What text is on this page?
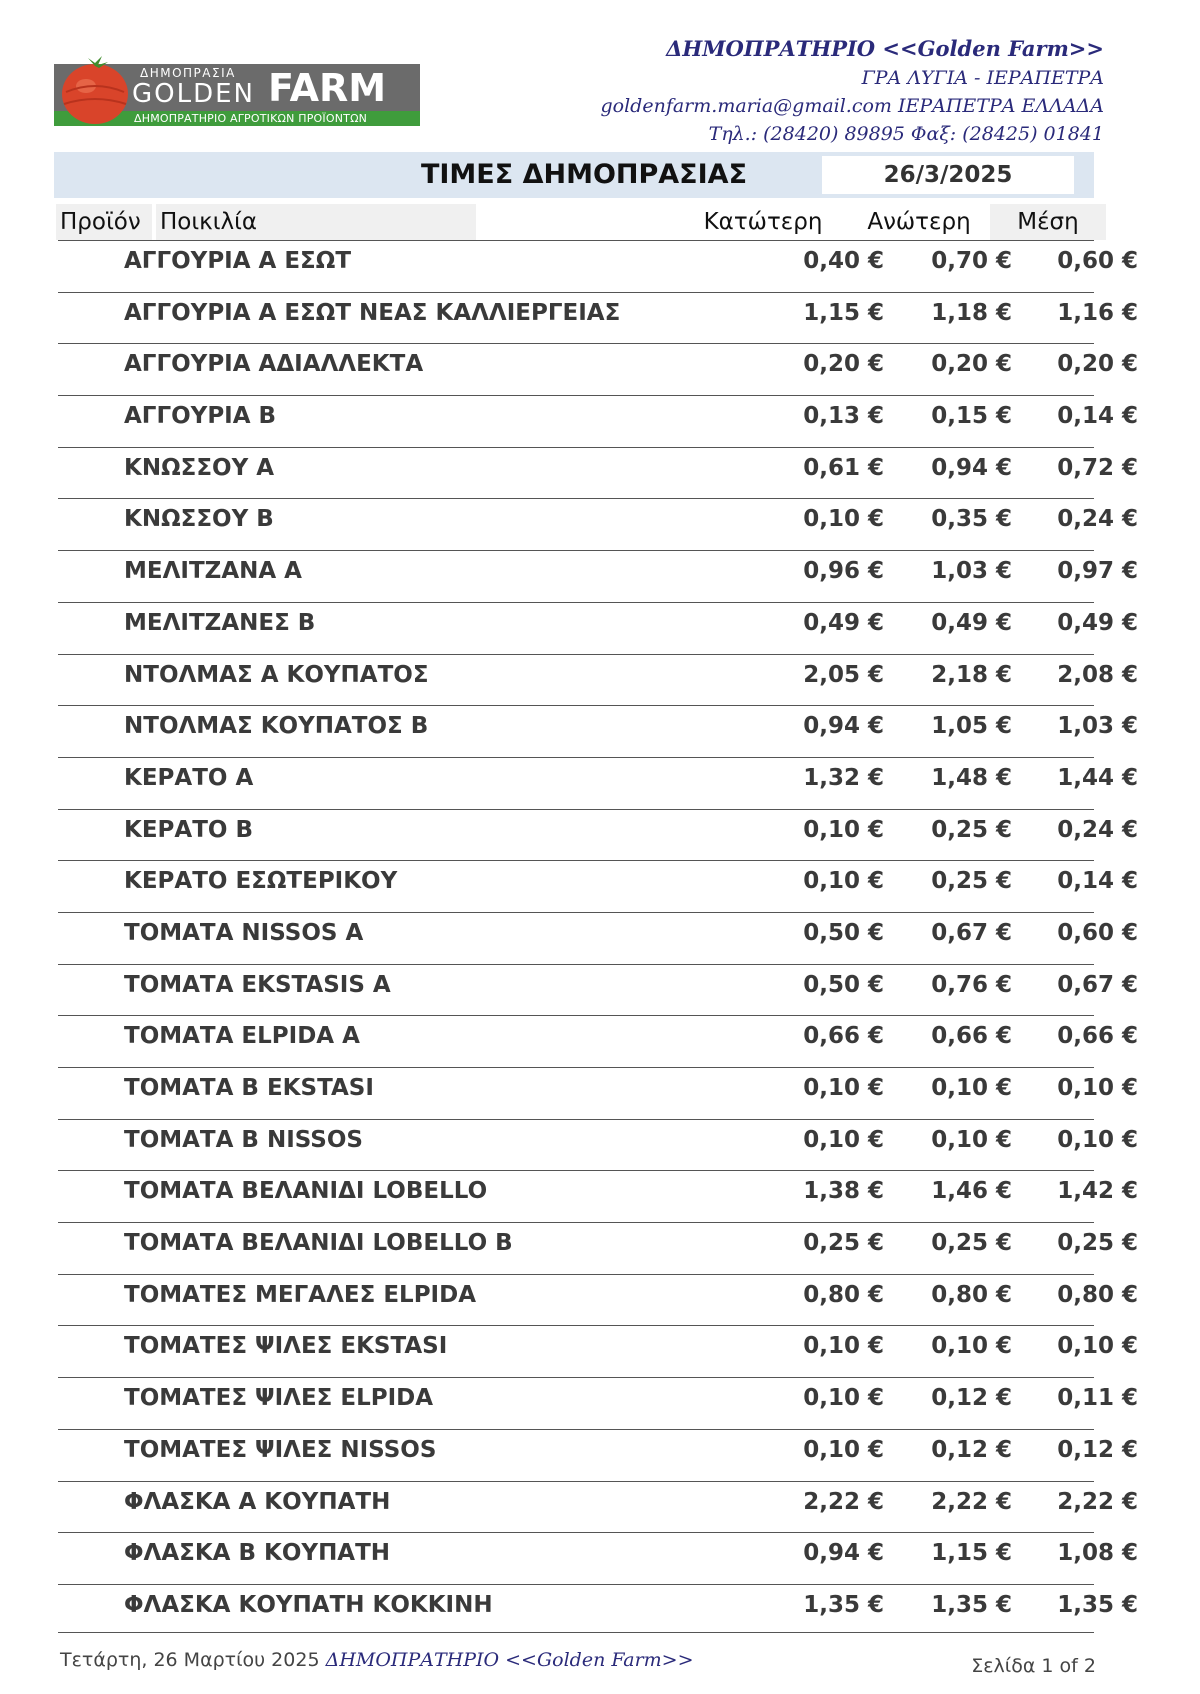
ΔΗΜΟΠΡΑΤΗΡΙΟ ΑΓΡΟΤΙΚΩΝ ΠΡΟΪΟΝΤΩΝ
ΔΗΜΟΠΡΑΣΙΑ
GOLDEN FARM
ΔΗΜΟΠΡΑΤΗΡΙΟ <<Golden Farm>>
ΓΡΑ ΛΥΓΙΑ - ΙΕΡΑΠΕΤΡΑ
goldenfarm.maria@gmail.com ΙΕΡΑΠΕΤΡΑ ΕΛΛΑΔΑ
Τηλ.: (28420) 89895 Φαξ: (28425) 01841
ΤΙΜΕΣ ΔΗΜΟΠΡΑΣΙΑΣ	26/3/2025
Προϊόν Ποικιλία	Κατώτερη	Ανώτερη	Μέση
ΑΓΓΟΥΡΙΑ Α ΕΣΩΤ	0,40 €	0,70 €	0,60 €
ΑΓΓΟΥΡΙΑ Α ΕΣΩΤ ΝΕΑΣ ΚΑΛΛΙΕΡΓΕΙΑΣ	1,15 €	1,18 €	1,16 €
ΑΓΓΟΥΡΙΑ ΑΔΙΑΛΛΕΚΤΑ	0,20 €	0,20 €	0,20 €
ΑΓΓΟΥΡΙΑ Β	0,13 €	0,15 €	0,14 €
ΚΝΩΣΣΟΥ Α	0,61 €	0,94 €	0,72 €
ΚΝΩΣΣΟΥ Β	0,10 €	0,35 €	0,24 €
ΜΕΛΙΤΖΑΝΑ Α	0,96 €	1,03 €	0,97 €
ΜΕΛΙΤΖΑΝΕΣ Β	0,49 €	0,49 €	0,49 €
ΝΤΟΛΜΑΣ Α ΚΟΥΠΑΤΟΣ	2,05 €	2,18 €	2,08 €
ΝΤΟΛΜΑΣ ΚΟΥΠΑΤΟΣ Β	0,94 €	1,05 €	1,03 €
ΚΕΡΑΤΟ Α	1,32 €	1,48 €	1,44 €
ΚΕΡΑΤΟ Β	0,10 €	0,25 €	0,24 €
ΚΕΡΑΤΟ ΕΣΩΤΕΡΙΚΟΥ	0,10 €	0,25 €	0,14 €
ΤΟΜΑΤΑ NISSOS Α	0,50 €	0,67 €	0,60 €
ΤΟΜΑΤΑ EKSTASIS Α	0,50 €	0,76 €	0,67 €
ΤΟΜΑΤΑ ELPIDA Α	0,66 €	0,66 €	0,66 €
ΤΟΜΑΤΑ Β EKSTASI	0,10 €	0,10 €	0,10 €
ΤΟΜΑΤΑ Β NISSOS	0,10 €	0,10 €	0,10 €
ΤΟΜΑΤΑ ΒΕΛΑΝΙΔΙ LOBELLO	1,38 €	1,46 €	1,42 €
ΤΟΜΑΤΑ ΒΕΛΑΝΙΔΙ LOBELLO Β	0,25 €	0,25 €	0,25 €
ΤΟΜΑΤΕΣ ΜΕΓΑΛΕΣ ELPIDA	0,80 €	0,80 €	0,80 €
ΤΟΜΑΤΕΣ ΨΙΛΕΣ EKSTASI	0,10 €	0,10 €	0,10 €
ΤΟΜΑΤΕΣ ΨΙΛΕΣ ELPIDA	0,10 €	0,12 €	0,11 €
ΤΟΜΑΤΕΣ ΨΙΛΕΣ NISSOS	0,10 €	0,12 €	0,12 €
ΦΛΑΣΚΑ Α ΚΟΥΠΑΤΗ	2,22 €	2,22 €	2,22 €
ΦΛΑΣΚΑ Β ΚΟΥΠΑΤΗ	0,94 €	1,15 €	1,08 €
ΦΛΑΣΚΑ ΚΟΥΠΑΤΗ ΚΟΚΚΙΝΗ	1,35 €	1,35 €	1,35 €
Τετάρτη, 26 Μαρτίου 2025 ΔΗΜΟΠΡΑΤΗΡΙΟ <<Golden Farm>>	Σελίδα 1 of 2
